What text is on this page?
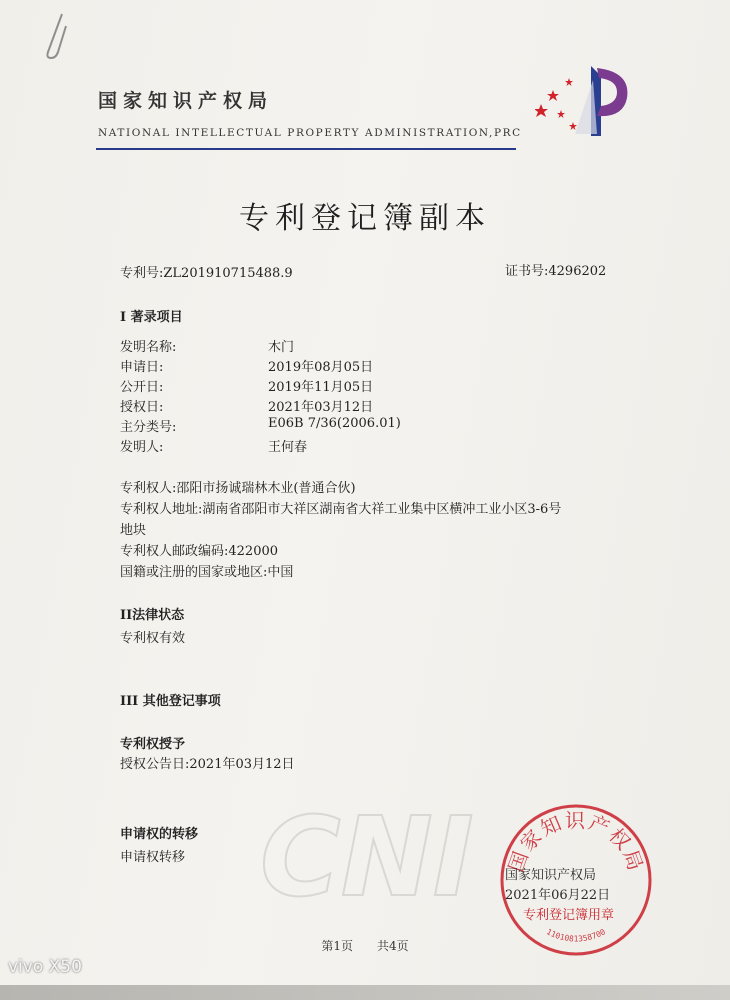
国家知识产权局
NATIONAL INTELLECTUAL PROPERTY ADMINISTRATION,PRC
专利登记簿副本
专利号:ZL201910715488.9	证书号:4296202
I 著录项目
发明名称:	木门
申请日:	2019年08月05日
公开日:	2019年11月05日
授权日:	2021年03月12日
主分类号:	E06B 7/36(2006.01)
发明人:	王何春
专利权人:邵阳市扬诚瑞林木业(普通合伙)
专利权人地址:湖南省邵阳市大祥区湖南省大祥工业集中区横冲工业小区3-6号
地块
专利权人邮政编码:422000
国籍或注册的国家或地区:中国
II法律状态
专利权有效
III 其他登记事项
专利权授予
授权公告日:2021年03月12日
申请权的转移
申请权转移 CNI 国家知识产权局
1101081358700
国家知识产权局
2021年06月22日
专利登记簿用章
第1页　　共4页
vivo X50
